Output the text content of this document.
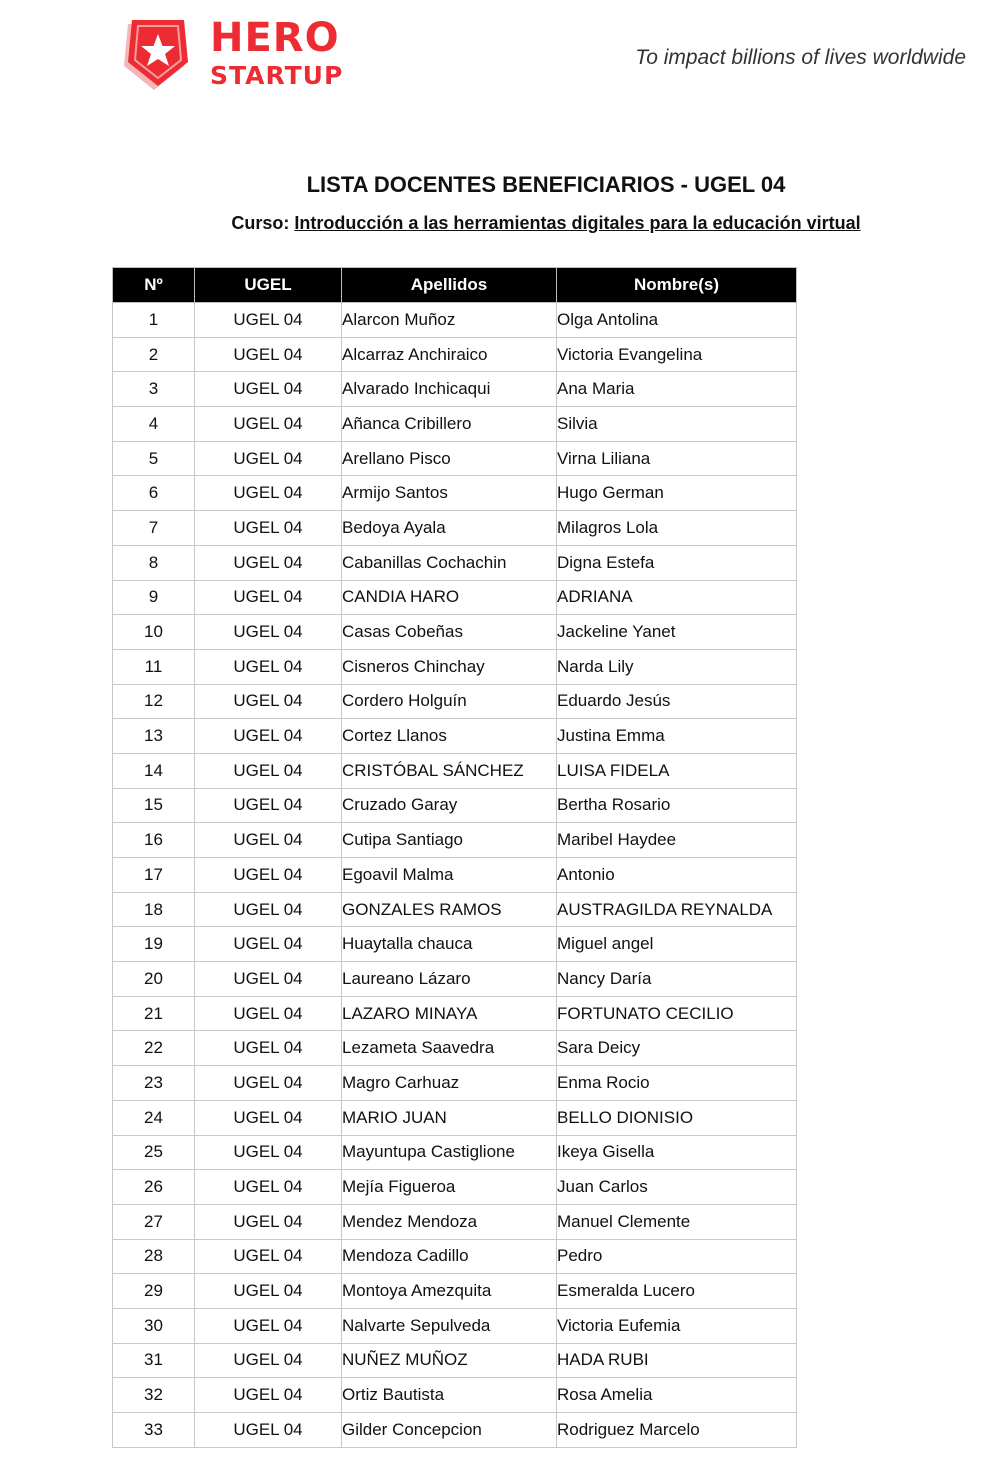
HERO
STARTUP
To impact billions of lives worldwide
LISTA DOCENTES BENEFICIARIOS - UGEL 04
Curso: Introducción a las herramientas digitales para la educación virtual
Nº	UGEL	Apellidos	Nombre(s)
1	UGEL 04	Alarcon Muñoz	Olga Antolina
2	UGEL 04	Alcarraz Anchiraico	Victoria Evangelina
3	UGEL 04	Alvarado Inchicaqui	Ana Maria
4	UGEL 04	Añanca Cribillero	Silvia
5	UGEL 04	Arellano Pisco	Virna Liliana
6	UGEL 04	Armijo Santos	Hugo German
7	UGEL 04	Bedoya Ayala	Milagros Lola
8	UGEL 04	Cabanillas Cochachin	Digna Estefa
9	UGEL 04	CANDIA HARO	ADRIANA
10	UGEL 04	Casas Cobeñas	Jackeline Yanet
11	UGEL 04	Cisneros Chinchay	Narda Lily
12	UGEL 04	Cordero Holguín	Eduardo Jesús
13	UGEL 04	Cortez Llanos	Justina Emma
14	UGEL 04	CRISTÓBAL SÁNCHEZ	LUISA FIDELA
15	UGEL 04	Cruzado Garay	Bertha Rosario
16	UGEL 04	Cutipa Santiago	Maribel Haydee
17	UGEL 04	Egoavil Malma	Antonio
18	UGEL 04	GONZALES RAMOS	AUSTRAGILDA REYNALDA
19	UGEL 04	Huaytalla chauca	Miguel angel
20	UGEL 04	Laureano Lázaro	Nancy Daría
21	UGEL 04	LAZARO MINAYA	FORTUNATO CECILIO
22	UGEL 04	Lezameta Saavedra	Sara Deicy
23	UGEL 04	Magro Carhuaz	Enma Rocio
24	UGEL 04	MARIO JUAN	BELLO DIONISIO
25	UGEL 04	Mayuntupa Castiglione	Ikeya Gisella
26	UGEL 04	Mejía Figueroa	Juan Carlos
27	UGEL 04	Mendez Mendoza	Manuel Clemente
28	UGEL 04	Mendoza Cadillo	Pedro
29	UGEL 04	Montoya Amezquita	Esmeralda Lucero
30	UGEL 04	Nalvarte Sepulveda	Victoria Eufemia
31	UGEL 04	NUÑEZ MUÑOZ	HADA RUBI
32	UGEL 04	Ortiz Bautista	Rosa Amelia
33	UGEL 04	Gilder Concepcion	Rodriguez Marcelo
